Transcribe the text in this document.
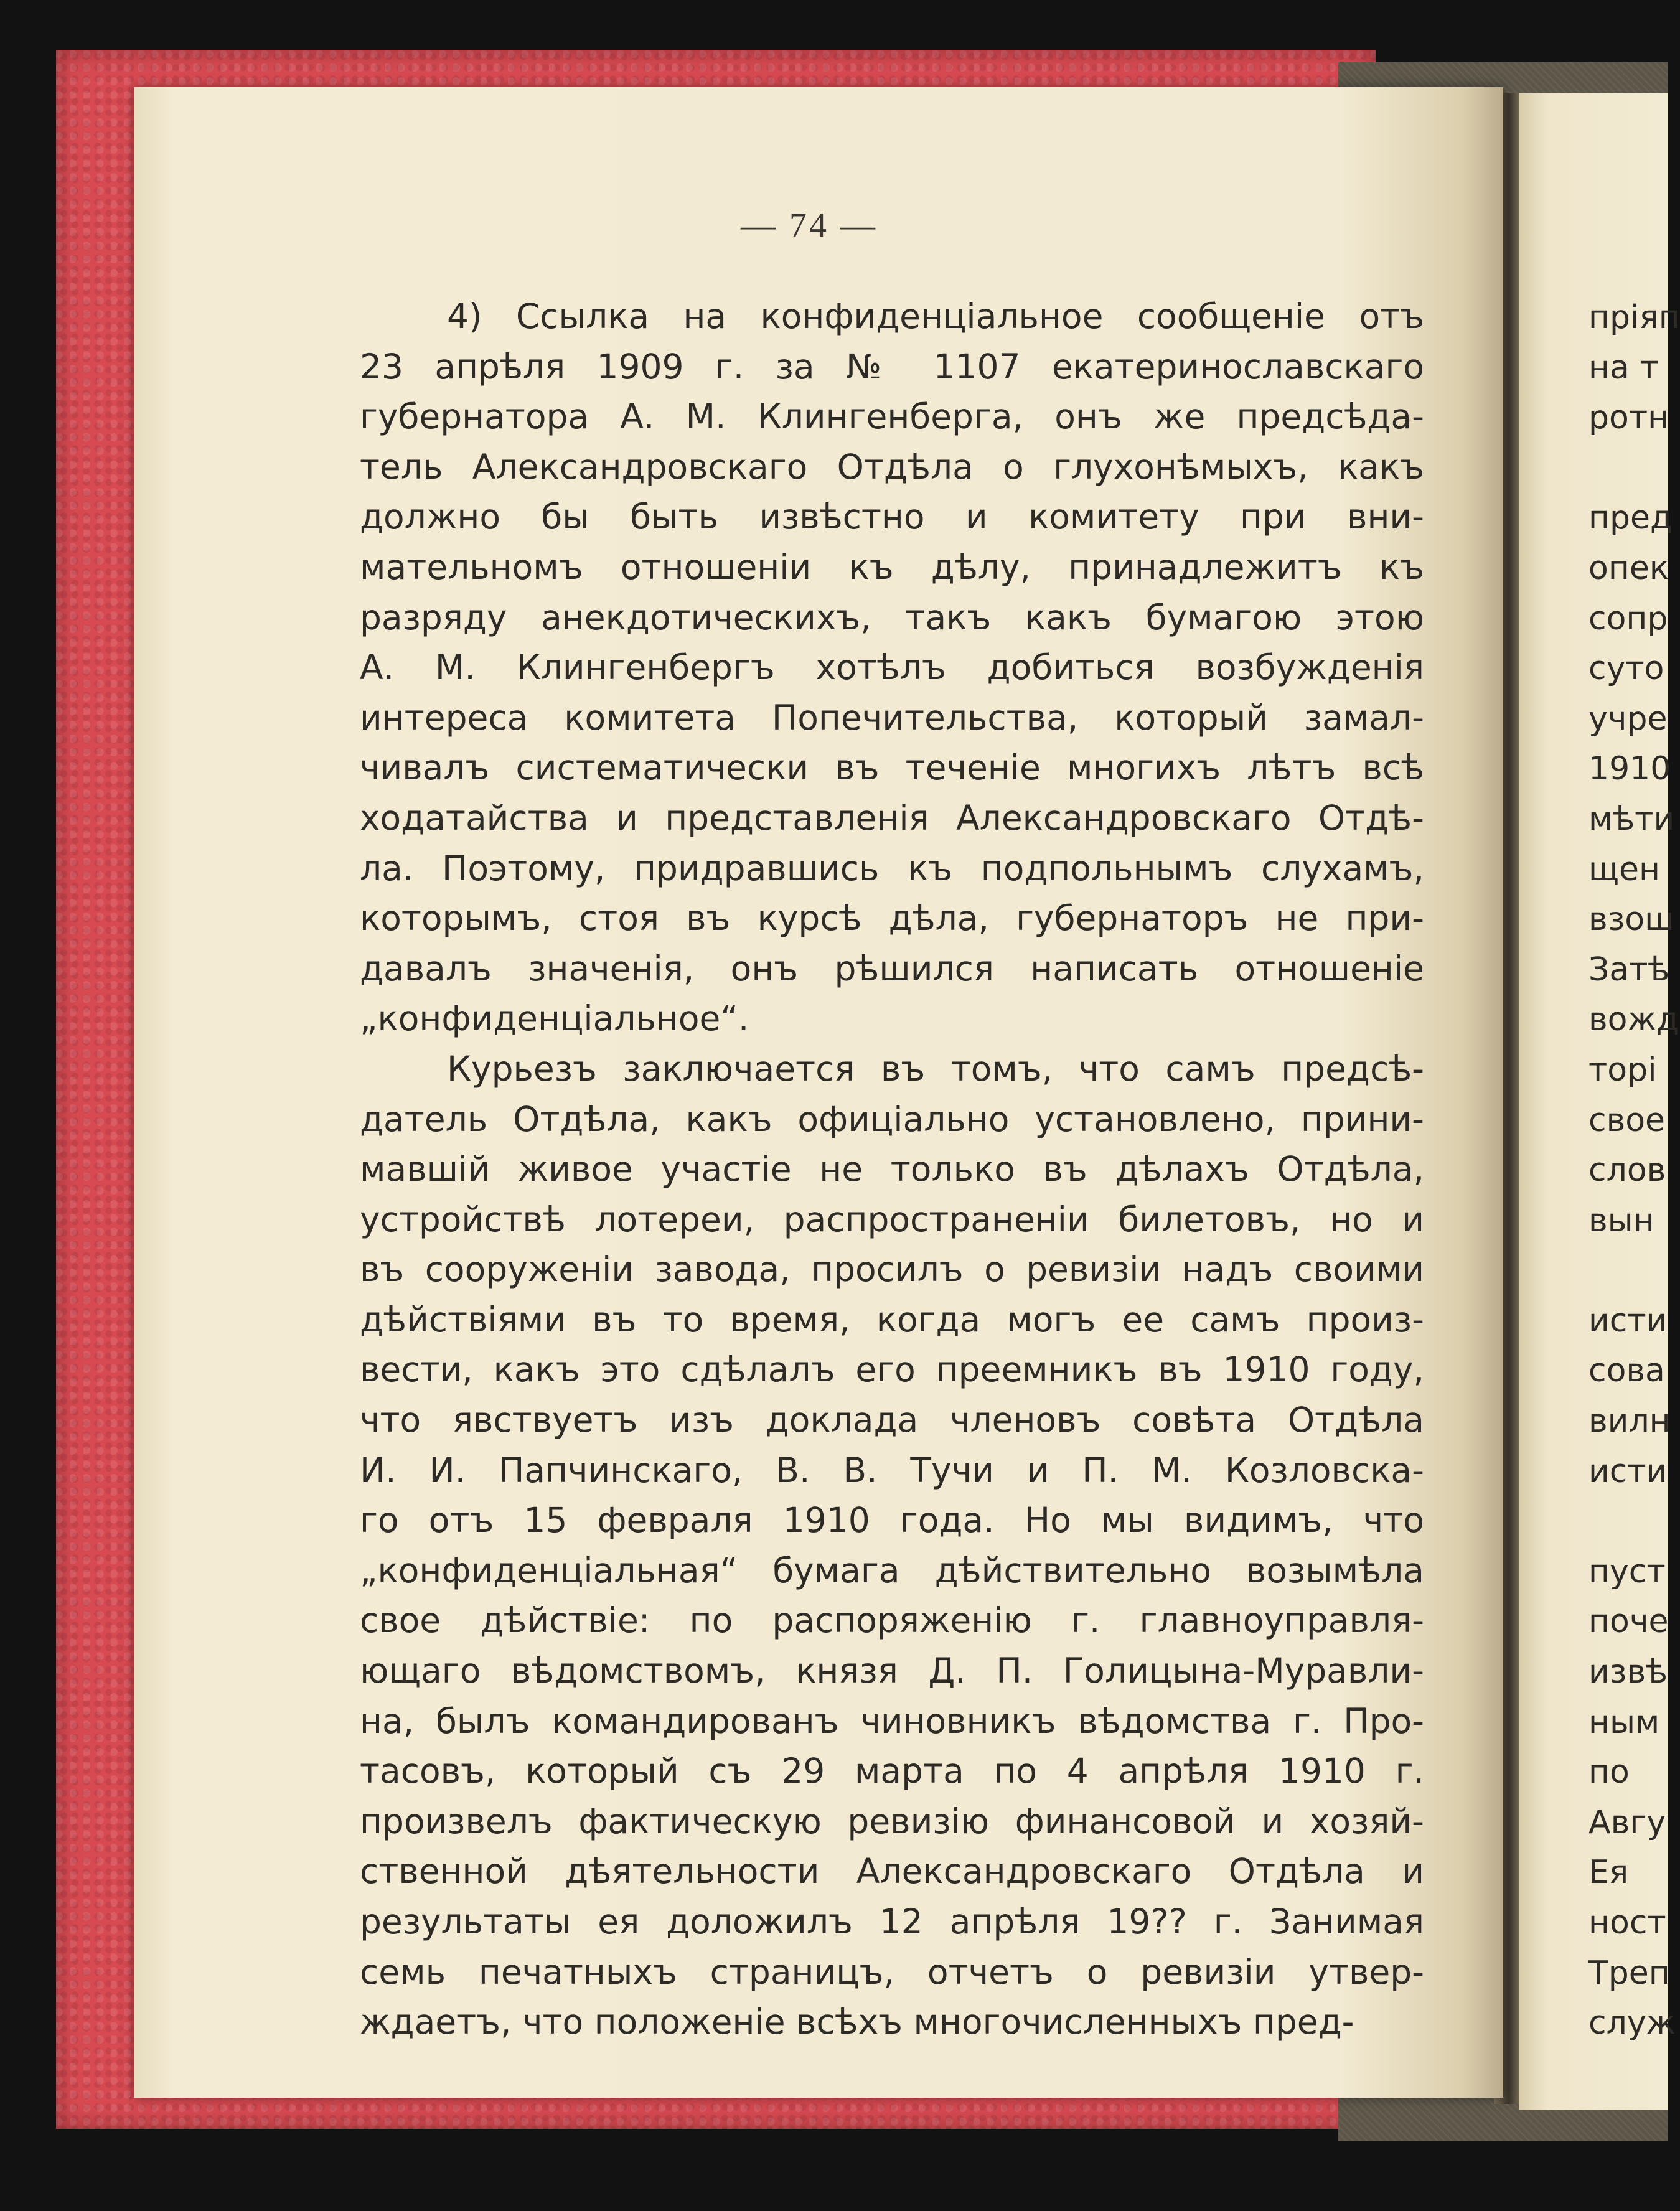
— 74 —
4) Ссылка на конфиденціальное сообщеніе отъ
23 апрѣля 1909 г. за № 1107 екатеринославскаго
губернатора А. М. Клингенберга, онъ же предсѣда-
тель Александровскаго Отдѣла о глухонѣмыхъ, какъ
должно бы быть извѣстно и комитету при вни-
мательномъ отношеніи къ дѣлу, принадлежитъ къ
разряду анекдотическихъ, такъ какъ бумагою этою
А. М. Клингенбергъ хотѣлъ добиться возбужденія
интереса комитета Попечительства, который замал-
чивалъ систематически въ теченіе многихъ лѣтъ всѣ
ходатайства и представленія Александровскаго Отдѣ-
ла. Поэтому, придравшись къ подпольнымъ слухамъ,
которымъ, стоя въ курсѣ дѣла, губернаторъ не при-
давалъ значенія, онъ рѣшился написать отношеніе
„конфиденціальное“.
Курьезъ заключается въ томъ, что самъ предсѣ-
датель Отдѣла, какъ офиціально установлено, прини-
мавшій живое участіе не только въ дѣлахъ Отдѣла,
устройствѣ лотереи, распространеніи билетовъ, но и
въ сооруженіи завода, просилъ о ревизіи надъ своими
дѣйствіями въ то время, когда могъ ее самъ произ-
вести, какъ это сдѣлалъ его преемникъ въ 1910 году,
что явствуетъ изъ доклада членовъ совѣта Отдѣла
И. И. Папчинскаго, В. В. Тучи и П. М. Козловска-
го отъ 15 февраля 1910 года. Но мы видимъ, что
„конфиденціальная“ бумага дѣйствительно возымѣла
свое дѣйствіе: по распоряженію г. главноуправля-
ющаго вѣдомствомъ, князя Д. П. Голицына-Муравли-
на, былъ командированъ чиновникъ вѣдомства г. Про-
тасовъ, который съ 29 марта по 4 апрѣля 1910 г.
произвелъ фактическую ревизію финансовой и хозяй-
ственной дѣятельности Александровскаго Отдѣла и
результаты ея доложилъ 12 апрѣля 19?? г. Занимая
семь печатныхъ страницъ, отчетъ о ревизіи утвер-
ждаетъ, что положеніе всѣхъ многочисленныхъ пред-
пріяп
на т
ротн
пред
опек
сопр
суто
учре
1910
мѣти
щен
взош
Затѣ
вожд
торі
свое
слов
вын
исти
сова
вилн
исти
пуст
поче
извѣ
ным
по
Авгу
Ея
ност
Треп
служ
